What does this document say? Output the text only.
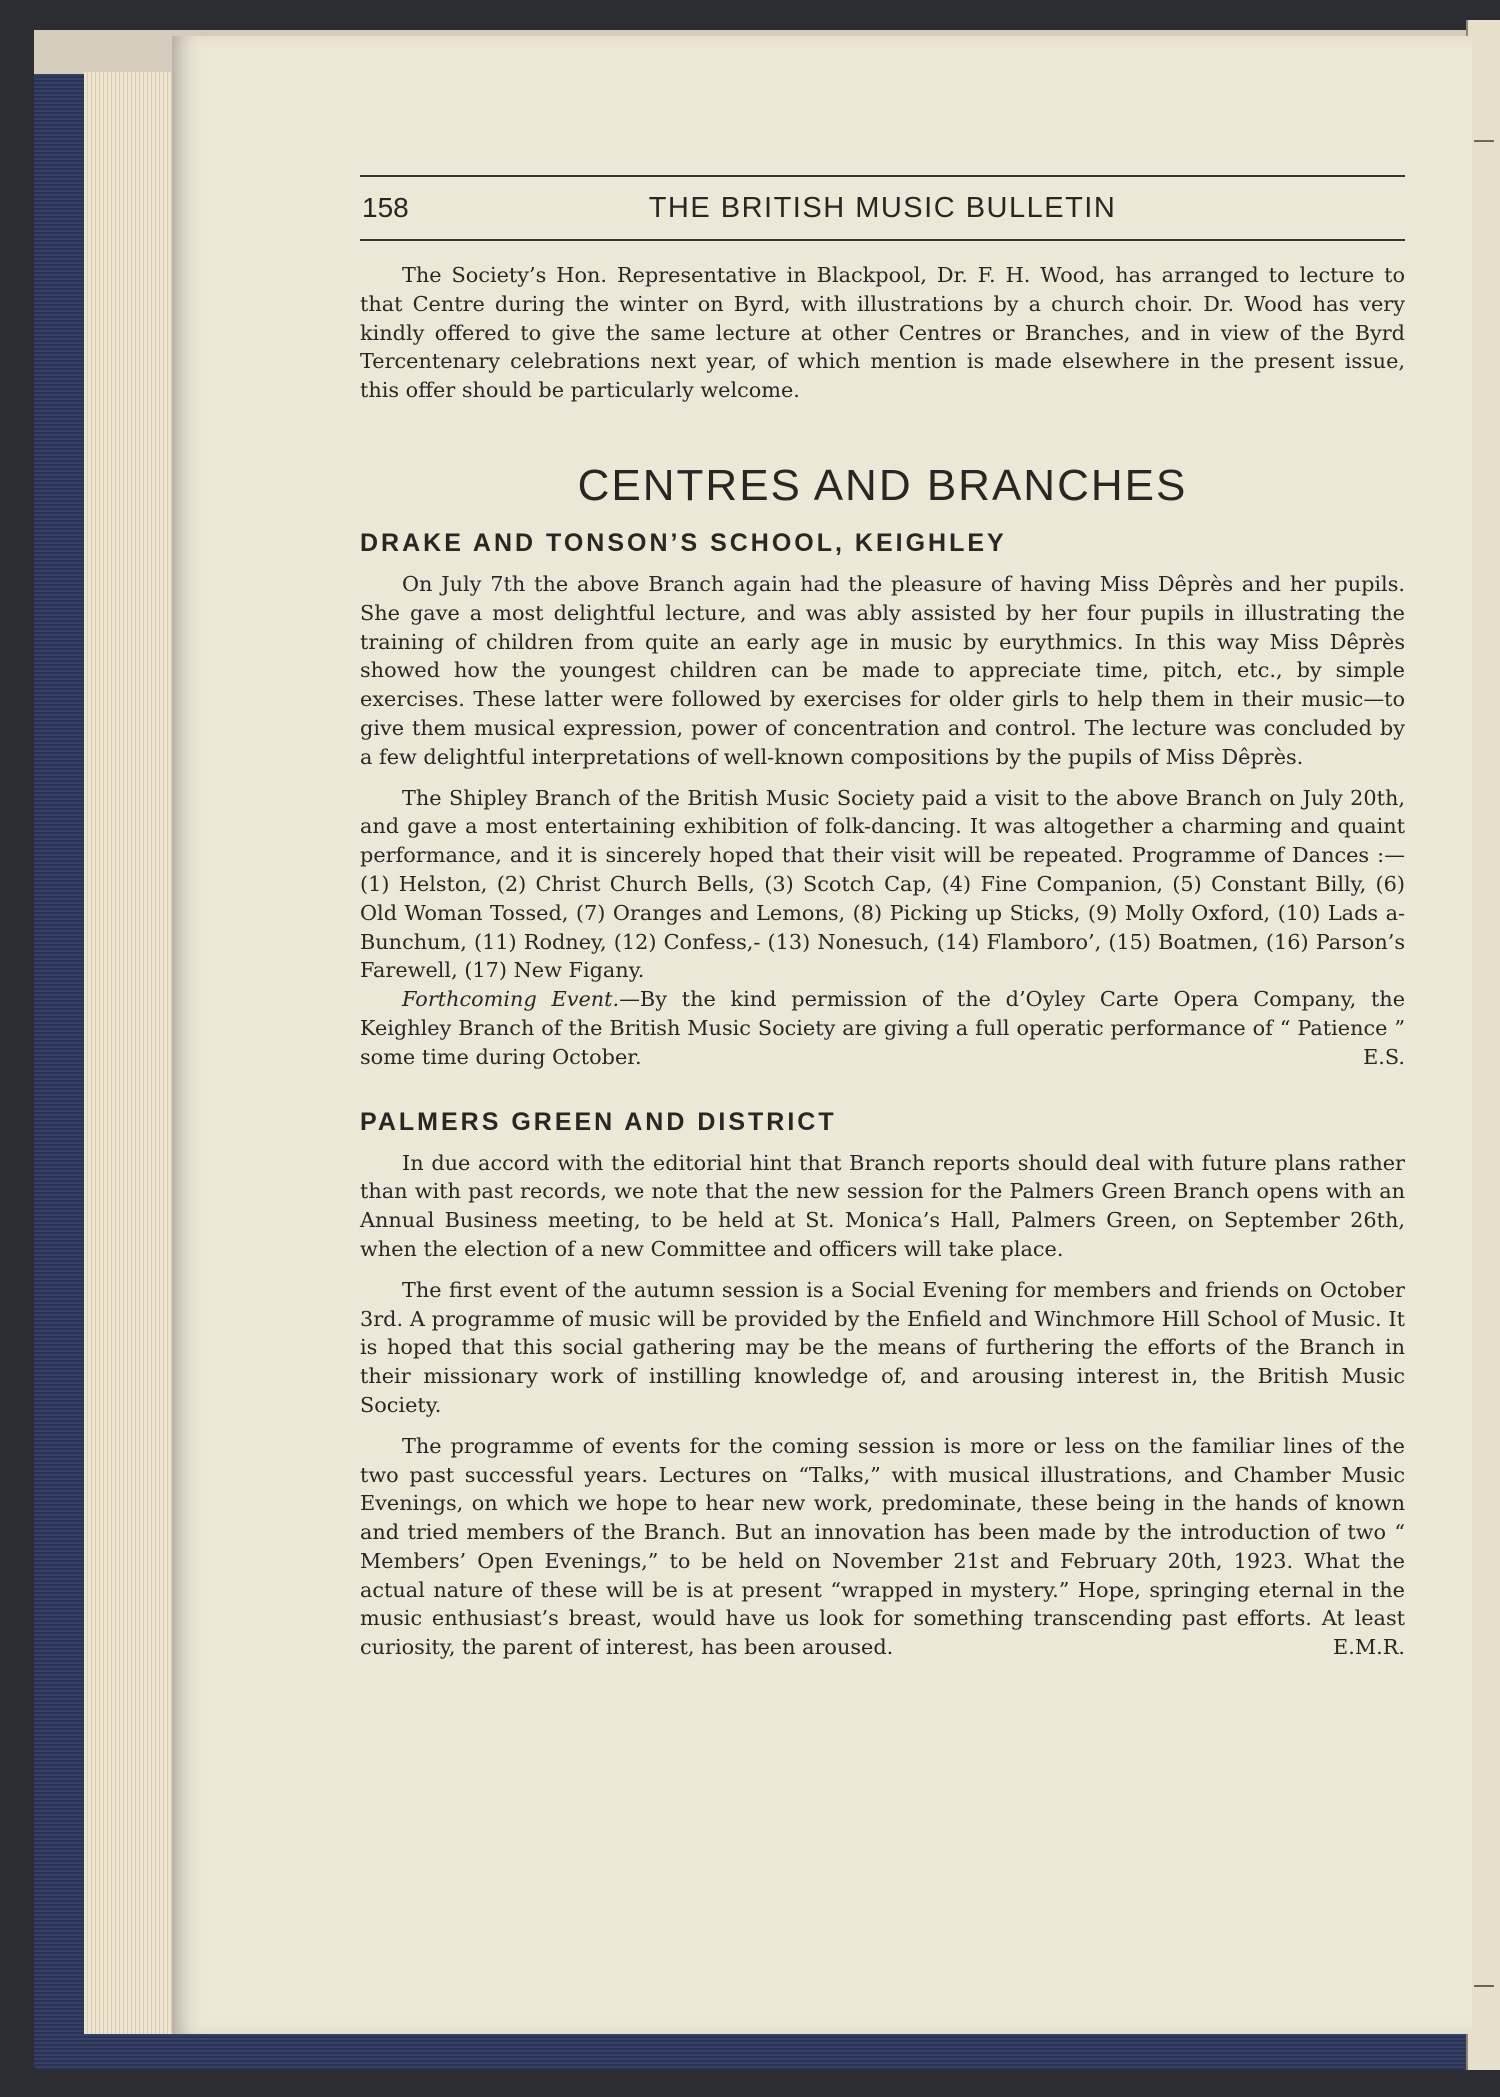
158	THE BRITISH MUSIC BULLETIN

The Society’s Hon. Representative in Blackpool, Dr. F. H. Wood, has arranged to lecture to that Centre during the winter on Byrd, with illustrations by a church choir. Dr. Wood has very kindly offered to give the same lecture at other Centres or Branches, and in view of the Byrd Tercentenary celebrations next year, of which mention is made elsewhere in the present issue, this offer should be particularly welcome.

CENTRES AND BRANCHES
DRAKE AND TONSON’S SCHOOL, KEIGHLEY

On July 7th the above Branch again had the pleasure of having Miss Dêprès and her pupils. She gave a most delightful lecture, and was ably assisted by her four pupils in illustrating the training of children from quite an early age in music by eurythmics. In this way Miss Dêprès showed how the youngest children can be made to appreciate time, pitch, etc., by simple exercises. These latter were followed by exercises for older girls to help them in their music—to give them musical expression, power of concentration and control. The lecture was concluded by a few delightful interpretations of well-known compositions by the pupils of Miss Dêprès.

The Shipley Branch of the British Music Society paid a visit to the above Branch on July 20th, and gave a most entertaining exhibition of folk-dancing. It was altogether a charming and quaint performance, and it is sincerely hoped that their visit will be repeated. Programme of Dances :—(1) Helston, (2) Christ Church Bells, (3) Scotch Cap, (4) Fine Companion, (5) Constant Billy, (6) Old Woman Tossed, (7) Oranges and Lemons, (8) Picking up Sticks, (9) Molly Oxford, (10) Lads a-Bunchum, (11) Rodney, (12) Confess,- (13) Nonesuch, (14) Flamboro’, (15) Boatmen, (16) Parson’s Farewell, (17) New Figany.

Forthcoming Event.—By the kind permission of the d’Oyley Carte Opera Company, the Keighley Branch of the British Music Society are giving a full operatic performance of “ Patience ” some time during October.	E.S.

PALMERS GREEN AND DISTRICT

In due accord with the editorial hint that Branch reports should deal with future plans rather than with past records, we note that the new session for the Palmers Green Branch opens with an Annual Business meeting, to be held at St. Monica’s Hall, Palmers Green, on September 26th, when the election of a new Committee and officers will take place.

The first event of the autumn session is a Social Evening for members and friends on October 3rd. A programme of music will be provided by the Enfield and Winchmore Hill School of Music. It is hoped that this social gathering may be the means of furthering the efforts of the Branch in their missionary work of instilling knowledge of, and arousing interest in, the British Music Society.

The programme of events for the coming session is more or less on the familiar lines of the two past successful years. Lectures on “Talks,” with musical illustrations, and Chamber Music Evenings, on which we hope to hear new work, predominate, these being in the hands of known and tried members of the Branch. But an innovation has been made by the introduction of two “ Members’ Open Evenings,” to be held on November 21st and February 20th, 1923. What the actual nature of these will be is at present “wrapped in mystery.” Hope, springing eternal in the music enthusiast’s breast, would have us look for something transcending past efforts. At least curiosity, the parent of interest, has been aroused.	E.M.R.
